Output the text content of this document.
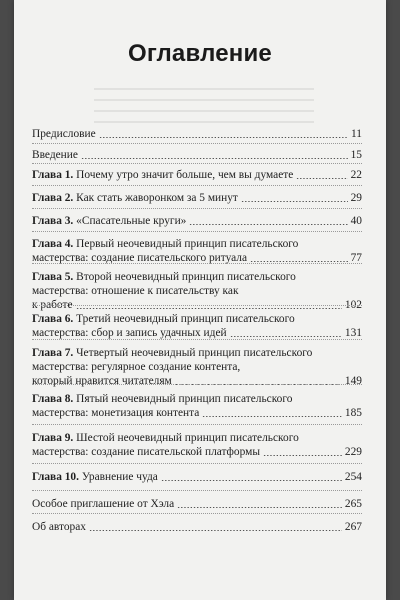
Оглавление
Предисловие	11
Введение	15
Глава 1. Почему утро значит больше, чем вы думаете	22
Глава 2. Как стать жаворонком за 5 минут	29
Глава 3. «Спасательные круги»	40
Глава 4. Первый неочевидный принцип писательского
мастерства: создание писательского ритуала	77
Глава 5. Второй неочевидный принцип писательского
мастерства: отношение к писательству как
к работе	102
Глава 6. Третий неочевидный принцип писательского
мастерства: сбор и запись удачных идей	131
Глава 7. Четвертый неочевидный принцип писательского
мастерства: регулярное создание контента,
который нравится читателям	149
Глава 8. Пятый неочевидный принцип писательского
мастерства: монетизация контента	185
Глава 9. Шестой неочевидный принцип писательского
мастерства: создание писательской платформы	229
Глава 10. Уравнение чуда	254
Особое приглашение от Хэла	265
Об авторах	267
